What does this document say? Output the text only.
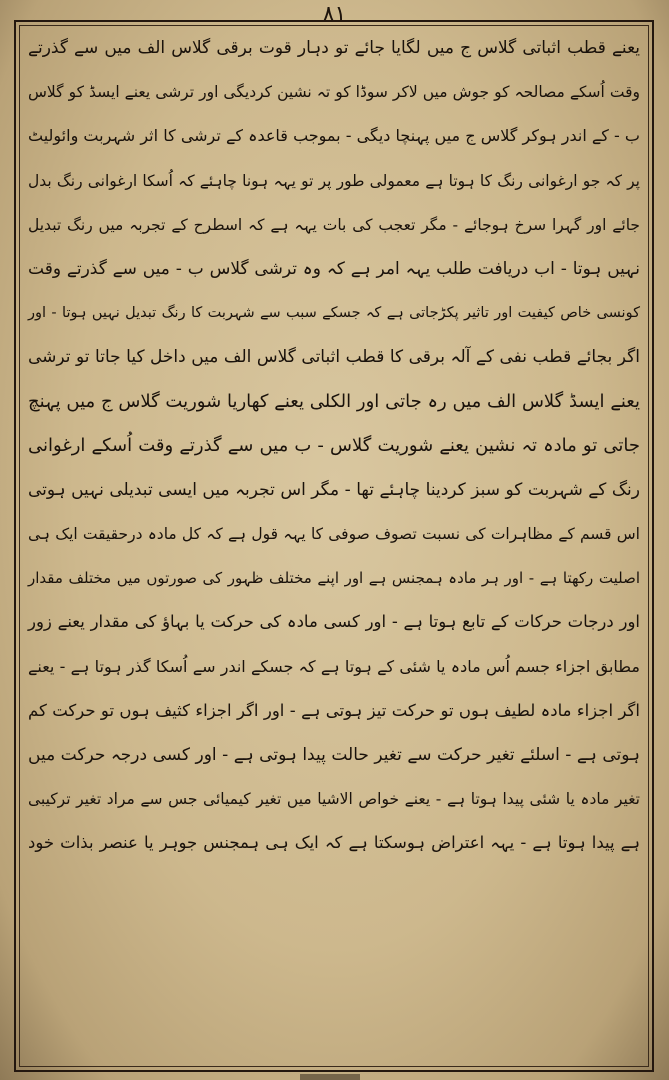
۸۱
یعنے قطب اثباتی گلاس ج میں لگایا جائے تو دہار قوت برقی گلاس الف میں سے گذرتے
وقت اُسکے مصالحہ کو جوش میں لاکر سوڈا کو تہ نشین کردیگی اور ترشی یعنے ایسڈ کو گلاس
ب - کے اندر ہوکر گلاس ج میں پہنچا دیگی - بموجب قاعدہ کے ترشی کا اثر شہربت وائولیٹ
پر کہ جو ارغوانی رنگ کا ہوتا ہے معمولی طور پر تو یہہ ہونا چاہئے کہ اُسکا ارغوانی رنگ بدل
جائے اور گہرا سرخ ہوجائے - مگر تعجب کی بات یہہ ہے کہ اسطرح کے تجربہ میں رنگ تبدیل
نہیں ہوتا - اب دریافت طلب یہہ امر ہے کہ وہ ترشی گلاس ب - میں سے گذرتے وقت
کونسی خاص کیفیت اور تاثیر پکڑجاتی ہے کہ جسکے سبب سے شہربت کا رنگ تبدیل نہیں ہوتا - اور
اگر بجائے قطب نفی کے آلہ برقی کا قطب اثباتی گلاس الف میں داخل کیا جاتا تو ترشی
یعنے ایسڈ گلاس الف میں رہ جاتی اور الکلی یعنے کھاریا شوریت گلاس ج میں پہنچ
جاتی تو مادہ تہ نشین یعنے شوریت گلاس - ب میں سے گذرتے وقت اُسکے ارغوانی
رنگ کے شہربت کو سبز کردینا چاہئے تھا - مگر اس تجربہ میں ایسی تبدیلی نہیں ہوتی
اس قسم کے مظاہرات کی نسبت تصوف صوفی کا یہہ قول ہے کہ کل مادہ درحقیقت ایک ہی
اصلیت رکھتا ہے - اور ہر مادہ ہمجنس ہے اور اپنے مختلف ظہور کی صورتوں میں مختلف مقدار
اور درجات حرکات کے تابع ہوتا ہے - اور کسی مادہ کی حرکت یا بہاؤ کی مقدار یعنے زور
مطابق اجزاء جسم اُس مادہ یا شئی کے ہوتا ہے کہ جسکے اندر سے اُسکا گذر ہوتا ہے - یعنے
اگر اجزاء مادہ لطیف ہوں تو حرکت تیز ہوتی ہے - اور اگر اجزاء کثیف ہوں تو حرکت کم
ہوتی ہے - اسلئے تغیر حرکت سے تغیر حالت پیدا ہوتی ہے - اور کسی درجہ حرکت میں
تغیر مادہ یا شئی پیدا ہوتا ہے - یعنے خواص الاشیا میں تغیر کیمیائی جس سے مراد تغیر ترکیبی
ہے پیدا ہوتا ہے - یہہ اعتراض ہوسکتا ہے کہ ایک ہی ہمجنس جوہر یا عنصر بذات خود
